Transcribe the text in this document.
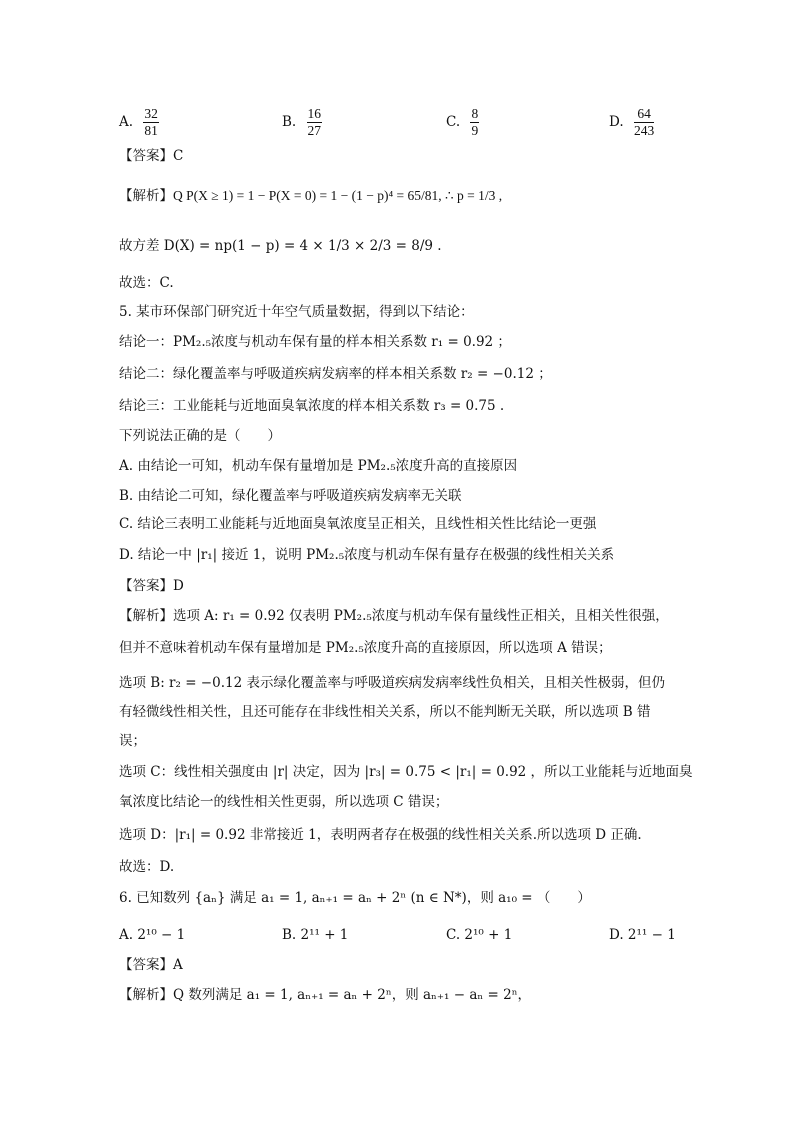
A. $\frac{32}{81}$	B. $\frac{16}{27}$	C. $\frac{8}{9}$	D. $\frac{64}{243}$
【答案】C
【解析】Q P(X ≥ 1) = 1 − P(X = 0) = 1 − (1 − p)⁴ = 65/81, ∴ p = 1/3 ,
故方差 D(X) = np(1 − p) = 4 × 1/3 × 2/3 = 8/9 .
故选：C.
5. 某市环保部门研究近十年空气质量数据，得到以下结论：
结论一：PM₂.₅浓度与机动车保有量的样本相关系数 r₁ = 0.92 ；
结论二：绿化覆盖率与呼吸道疾病发病率的样本相关系数 r₂ = −0.12 ；
结论三：工业能耗与近地面臭氧浓度的样本相关系数 r₃ = 0.75 .
下列说法正确的是（　　）
A. 由结论一可知，机动车保有量增加是 PM₂.₅浓度升高的直接原因
B. 由结论二可知，绿化覆盖率与呼吸道疾病发病率无关联
C. 结论三表明工业能耗与近地面臭氧浓度呈正相关，且线性相关性比结论一更强
D. 结论一中 |r₁| 接近 1，说明 PM₂.₅浓度与机动车保有量存在极强的线性相关关系
【答案】D
【解析】选项 A: r₁ = 0.92 仅表明 PM₂.₅浓度与机动车保有量线性正相关，且相关性很强，
但并不意味着机动车保有量增加是 PM₂.₅浓度升高的直接原因，所以选项 A 错误；
选项 B: r₂ = −0.12 表示绿化覆盖率与呼吸道疾病发病率线性负相关，且相关性极弱，但仍
有轻微线性相关性，且还可能存在非线性相关关系，所以不能判断无关联，所以选项 B 错
误；
选项 C：线性相关强度由 |r| 决定，因为 |r₃| = 0.75 < |r₁| = 0.92 ，所以工业能耗与近地面臭
氧浓度比结论一的线性相关性更弱，所以选项 C 错误；
选项 D：|r₁| = 0.92 非常接近 1，表明两者存在极强的线性相关关系.所以选项 D 正确.
故选：D.
6. 已知数列 {aₙ} 满足 a₁ = 1, aₙ₊₁ = aₙ + 2ⁿ (n ∈ N*)，则 a₁₀ = （　　）
A. 2¹⁰ − 1	B. 2¹¹ + 1	C. 2¹⁰ + 1	D. 2¹¹ − 1
【答案】A
【解析】Q 数列满足 a₁ = 1, aₙ₊₁ = aₙ + 2ⁿ，则 aₙ₊₁ − aₙ = 2ⁿ，
